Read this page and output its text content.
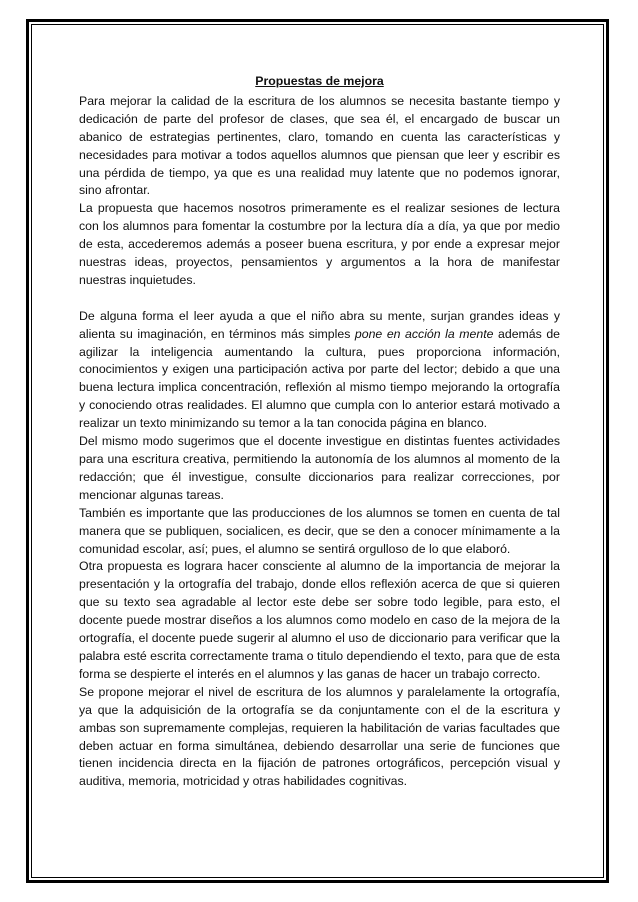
Propuestas de mejora

Para mejorar la calidad de la escritura de los alumnos se necesita bastante tiempo y dedicación de parte del profesor de clases, que sea él, el encargado de buscar un abanico de estrategias pertinentes, claro, tomando en cuenta las características y necesidades para motivar a todos aquellos alumnos que piensan que leer y escribir es una pérdida de tiempo, ya que es una realidad muy latente que no podemos ignorar, sino afrontar.

La propuesta que hacemos nosotros primeramente es el realizar sesiones de lectura con los alumnos para fomentar la costumbre por la lectura día a día, ya que por medio de esta, accederemos además a poseer buena escritura, y por ende a expresar mejor nuestras ideas, proyectos, pensamientos y argumentos a la hora de manifestar nuestras inquietudes.

De alguna forma el leer ayuda a que el niño abra su mente, surjan grandes ideas y alienta su imaginación, en términos más simples pone en acción la mente además de agilizar la inteligencia aumentando la cultura, pues proporciona información, conocimientos y exigen una participación activa por parte del lector; debido a que una buena lectura implica concentración, reflexión al mismo tiempo mejorando la ortografía y conociendo otras realidades. El alumno que cumpla con lo anterior estará motivado a realizar un texto minimizando su temor a la tan conocida página en blanco.

Del mismo modo sugerimos que el docente investigue en distintas fuentes actividades para una escritura creativa, permitiendo la autonomía de los alumnos al momento de la redacción; que él investigue, consulte diccionarios para realizar correcciones, por mencionar algunas tareas.

También es importante que las producciones de los alumnos se tomen en cuenta de tal manera que se publiquen, socialicen, es decir, que se den a conocer mínimamente a la comunidad escolar, así; pues, el alumno se sentirá orgulloso de lo que elaboró.

Otra propuesta es lograra hacer consciente al alumno de la importancia de mejorar la presentación y la ortografía del trabajo, donde ellos reflexión acerca de que si quieren que su texto sea agradable al lector este debe ser sobre todo legible, para esto, el docente puede mostrar diseños a los alumnos como modelo en caso de la mejora de la ortografía, el docente puede sugerir al alumno el uso de diccionario para verificar que la palabra esté escrita correctamente trama o titulo dependiendo el texto, para que de esta forma se despierte el interés en el alumnos y las ganas de hacer un trabajo correcto.

Se propone mejorar el nivel de escritura de los alumnos y paralelamente la ortografía, ya que la adquisición de la ortografía se da conjuntamente con el de la escritura y ambas son supremamente complejas, requieren la habilitación de varias facultades que deben actuar en forma simultánea, debiendo desarrollar una serie de funciones que tienen incidencia directa en la fijación de patrones ortográficos, percepción visual y auditiva, memoria, motricidad y otras habilidades cognitivas.
